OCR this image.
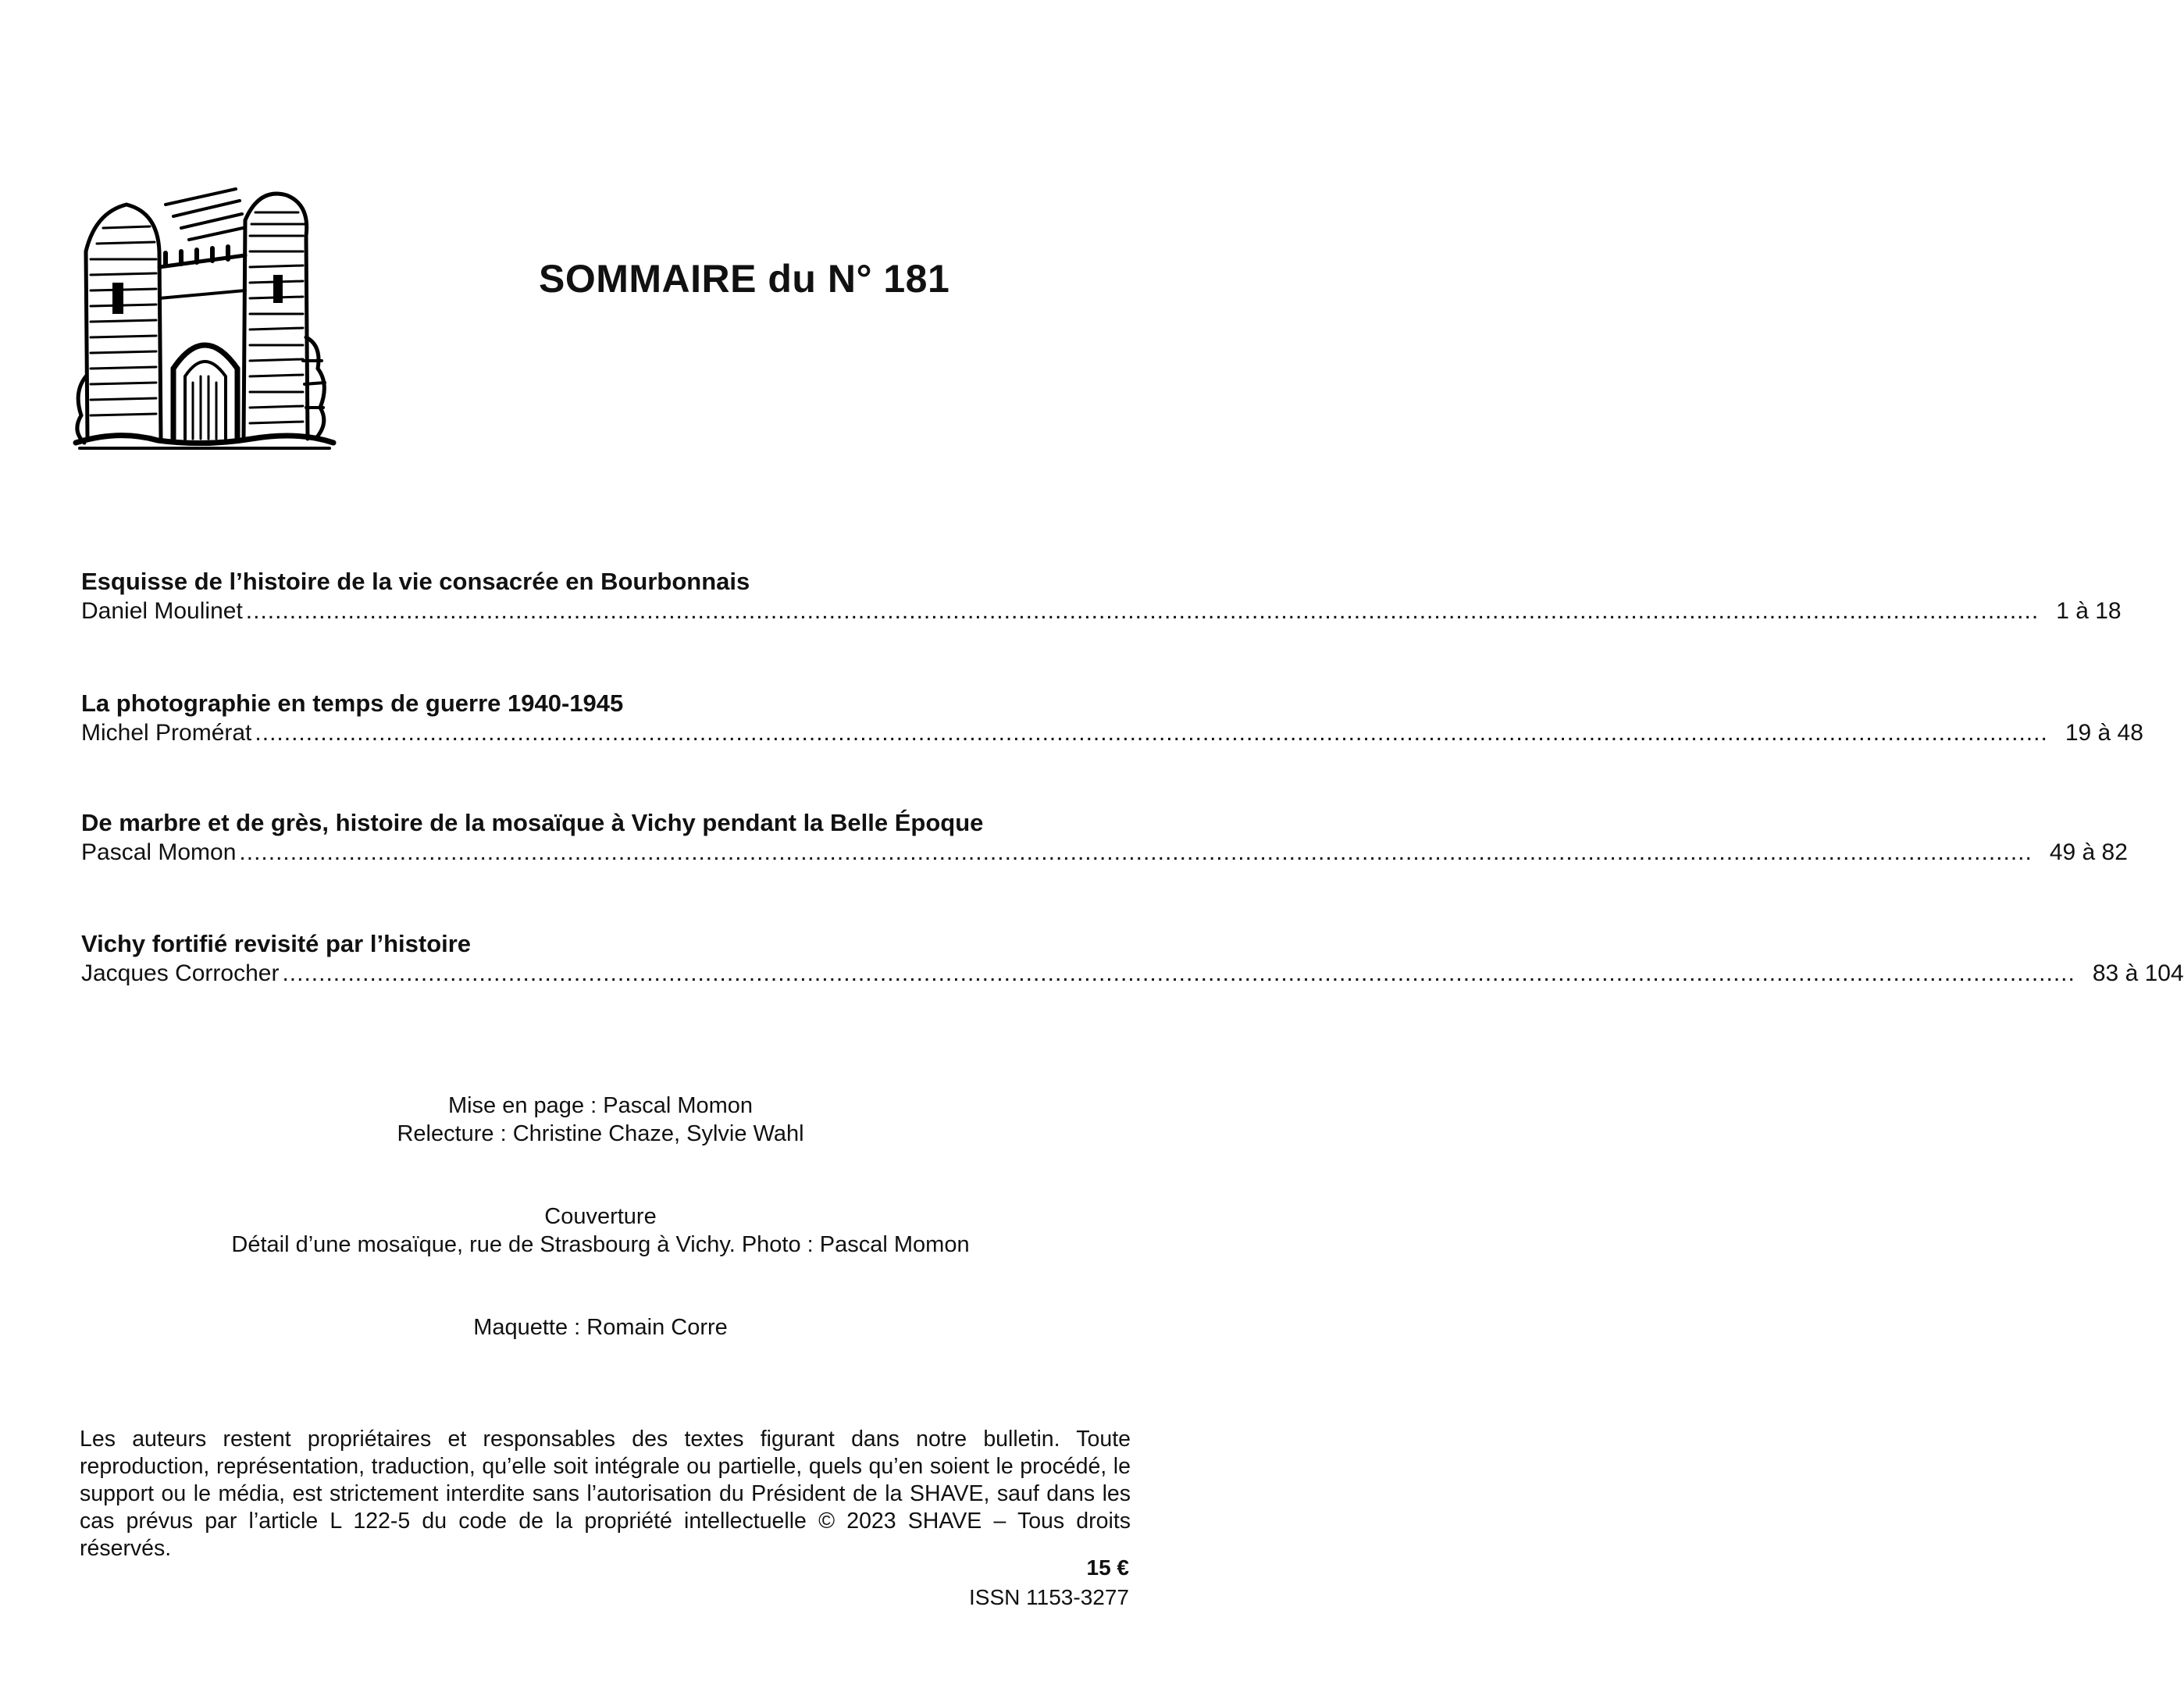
SOMMAIRE du N° 181
Esquisse de l’histoire de la vie consacrée en Bourbonnais
Daniel Moulinet ...................................................................................................................................................................................................................................................... 1 à 18
La photographie en temps de guerre 1940-1945
Michel Promérat ...................................................................................................................................................................................................................................................... 19 à 48
De marbre et de grès, histoire de la mosaïque à Vichy pendant la Belle Époque
Pascal Momon ...................................................................................................................................................................................................................................................... 49 à 82
Vichy fortifié revisité par l’histoire
Jacques Corrocher ...................................................................................................................................................................................................................................................... 83 à 104
Mise en page : Pascal Momon
Relecture : Christine Chaze, Sylvie Wahl
Couverture
Détail d’une mosaïque, rue de Strasbourg à Vichy. Photo : Pascal Momon
Maquette : Romain Corre
Les auteurs restent propriétaires et responsables des textes figurant dans notre bulletin. Toute reproduction, représentation, traduction, qu’elle soit intégrale ou partielle, quels qu’en soient le procédé, le support ou le média, est strictement interdite sans l’autorisation du Président de la SHAVE, sauf dans les cas prévus par l’article L 122-5 du code de la propriété intellectuelle © 2023 SHAVE – Tous droits réservés.
15 €
ISSN 1153-3277
